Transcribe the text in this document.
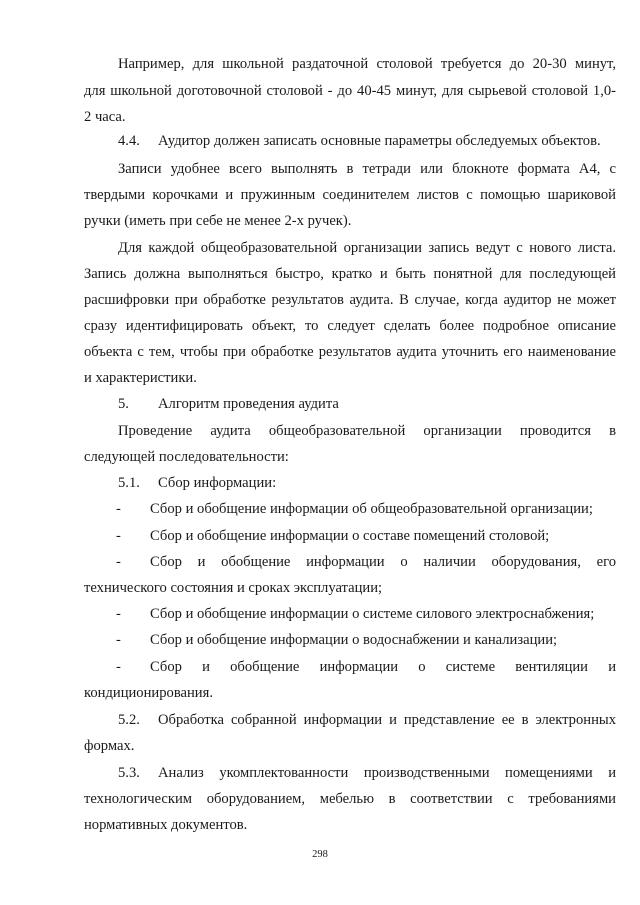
Например, для школьной раздаточной столовой требуется до 20-30 минут,

для школьной доготовочной столовой - до 40-45 минут, для сырьевой столовой 1,0-

2 часа.

4.4. Аудитор должен записать основные параметры обследуемых объектов.

Записи удобнее всего выполнять в тетради или блокноте формата А4, с

твердыми корочками и пружинным соединителем листов с помощью шариковой

ручки (иметь при себе не менее 2-х ручек).

Для каждой общеобразовательной организации запись ведут с нового листа.

Запись должна выполняться быстро, кратко и быть понятной для последующей

расшифровки при обработке результатов аудита. В случае, когда аудитор не может

сразу идентифицировать объект, то следует сделать более подробное описание

объекта с тем, чтобы при обработке результатов аудита уточнить его наименование

и характеристики.

5. Алгоритм проведения аудита

Проведение аудита общеобразовательной организации проводится в

следующей последовательности:

5.1. Сбор информации:
-	Сбор и обобщение информации об общеобразовательной организации;
-	Сбор и обобщение информации о составе помещений столовой;
-	Сбор и обобщение информации о наличии оборудования, его

технического состояния и сроках эксплуатации;

-	Сбор и обобщение информации о системе силового электроснабжения;
-	Сбор и обобщение информации о водоснабжении и канализации;
-	Сбор и обобщение информации о системе вентиляции и

кондиционирования.

5.2. Обработка собранной информации и представление ее в электронных

формах.

5.3. Анализ укомплектованности производственными помещениями и

технологическим оборудованием, мебелью в соответствии с требованиями

нормативных документов.

298
